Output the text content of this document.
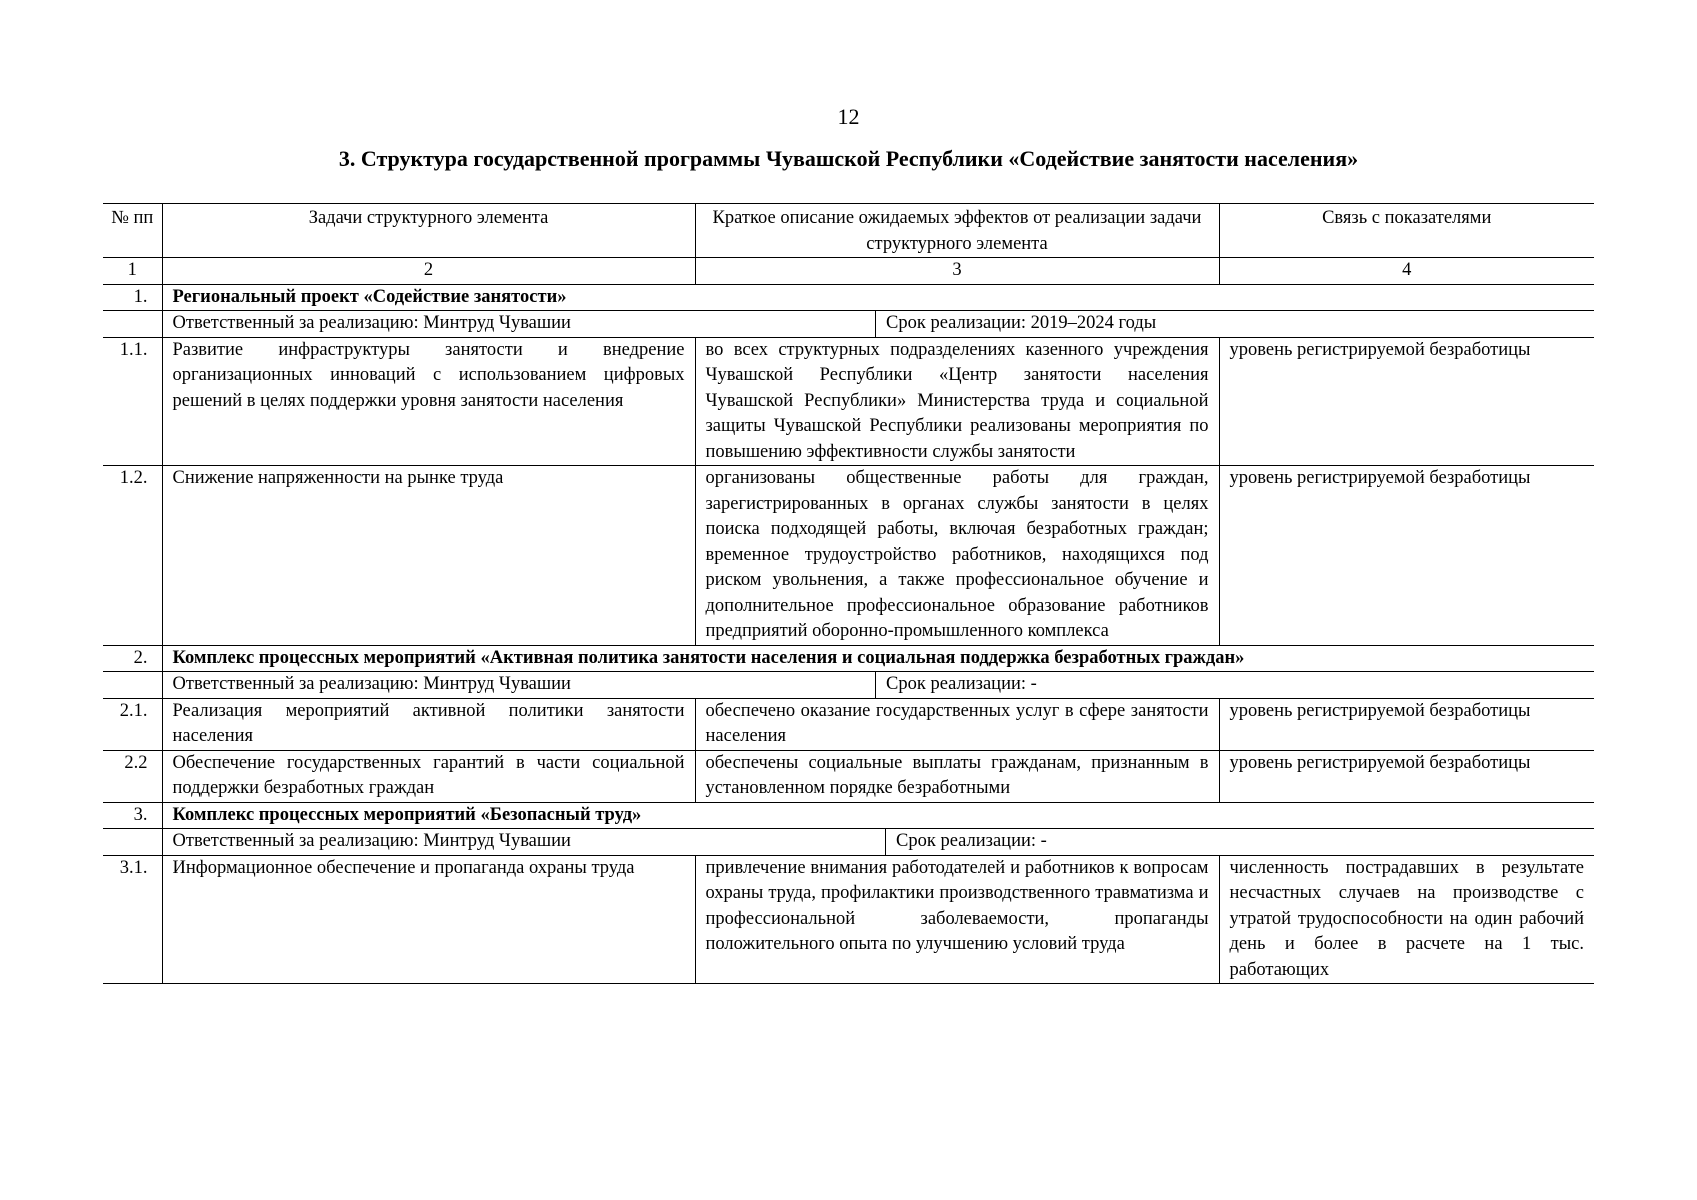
12
3. Структура государственной программы Чувашской Республики «Содействие занятости населения»
№ пп	Задачи структурного элемента	Краткое описание ожидаемых эффектов от реализации задачи структурного элемента	Связь с показателями
1	2	3	4
1.	Региональный проект «Содействие занятости»

Ответственный за реализацию: Минтруд Чувашии	Срок реализации: 2019–2024 годы

1.1.	Развитие инфраструктуры занятости и внедрение организационных инноваций с использованием цифровых решений в целях поддержки уровня занятости населения	во всех структурных подразделениях казенного учреждения Чувашской Республики «Центр занятости населения Чувашской Республики» Министерства труда и социальной защиты Чувашской Республики реализованы мероприятия по повышению эффективности службы занятости	уровень регистрируемой безработицы
1.2.	Снижение напряженности на рынке труда	организованы общественные работы для граждан, зарегистрированных в органах службы занятости в целях поиска подходящей работы, включая безработных граждан; временное трудоустройство работников, находящихся под риском увольнения, а также профессиональное обучение и дополнительное профессиональное образование работников предприятий оборонно-промышленного комплекса	уровень регистрируемой безработицы
2.	Комплекс процессных мероприятий «Активная политика занятости населения и социальная поддержка безработных граждан»

Ответственный за реализацию: Минтруд Чувашии	Срок реализации: -

2.1.	Реализация мероприятий активной политики занятости населения	обеспечено оказание государственных услуг в сфере занятости населения	уровень регистрируемой безработицы
2.2	Обеспечение государственных гарантий в части социальной поддержки безработных граждан	обеспечены социальные выплаты гражданам, признанным в установленном порядке безработными	уровень регистрируемой безработицы
3.	Комплекс процессных мероприятий «Безопасный труд»

Ответственный за реализацию: Минтруд Чувашии	Срок реализации: -

3.1.	Информационное обеспечение и пропаганда охраны труда	привлечение внимания работодателей и работников к вопросам охраны труда, профилактики производственного травматизма и профессиональной заболеваемости, пропаганды положительного опыта по улучшению условий труда	численность пострадавших в результате несчастных случаев на производстве с утратой трудоспособности на один рабочий день и более в расчете на 1 тыс. работающих
